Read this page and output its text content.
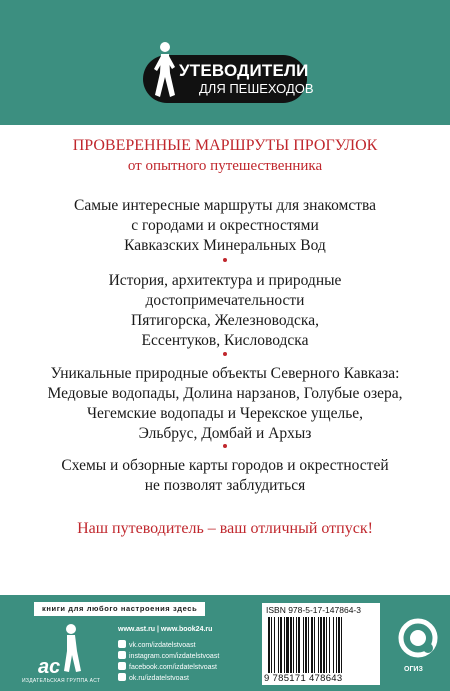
УТЕВОДИТЕЛИ
ДЛЯ ПЕШЕХОДОВ
ПРОВЕРЕННЫЕ МАРШРУТЫ ПРОГУЛОК
от опытного путешественника
Самые интересные маршруты для знакомства
с городами и окрестностями
Кавказских Минеральных Вод
История, архитектура и природные
достопримечательности
Пятигорска, Железноводска,
Ессентуков, Кисловодска
Уникальные природные объекты Северного Кавказа:
Медовые водопады, Долина нарзанов, Голубые озера,
Чегемские водопады и Черекское ущелье,
Эльбрус, Домбай и Архыз
Схемы и обзорные карты городов и окрестностей
не позволят заблудиться
Наш путеводитель – ваш отличный отпуск!
книги для любого настроения здесь
ас
ИЗДАТЕЛЬСКАЯ ГРУППА АСТ
www.ast.ru | www.book24.ru
vk.com/izdatelstvoast
instagram.com/izdatelstvoast
facebook.com/izdatelstvoast
ok.ru/izdatelstvoast
ISBN 978-5-17-147864-3
9 785171 478643
ОГИЗ
